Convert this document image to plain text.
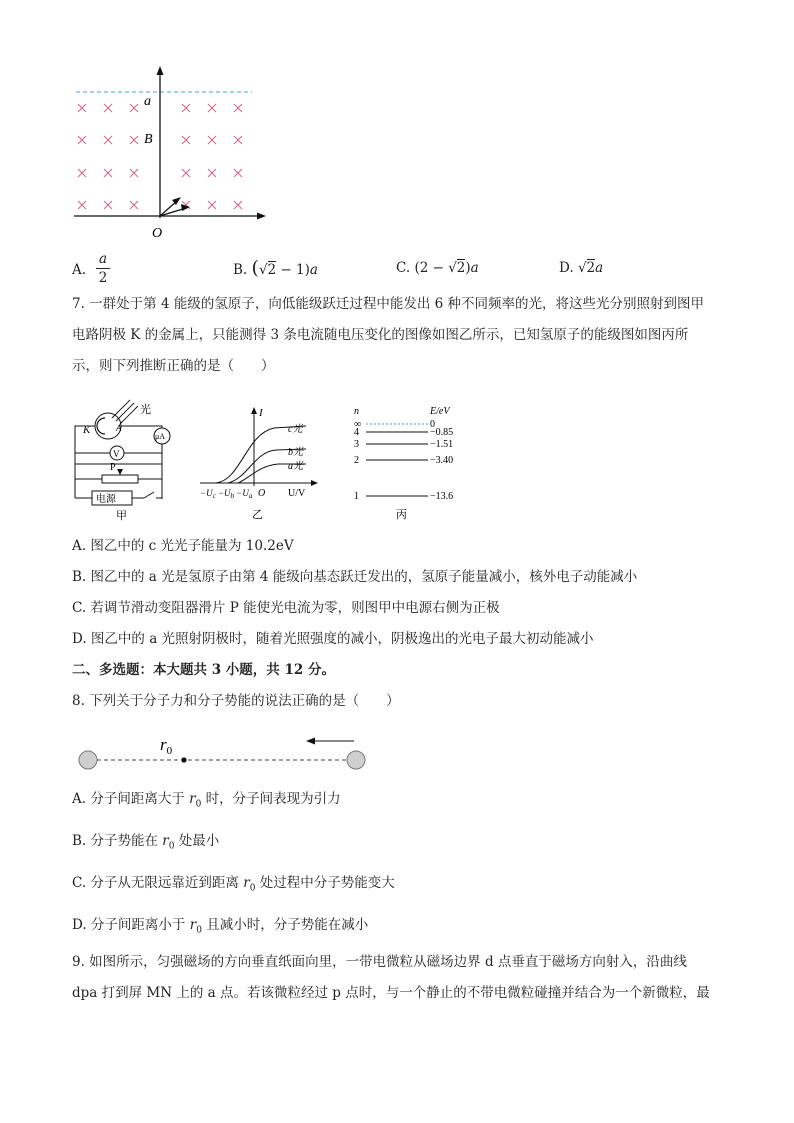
a
B
O
A.
a
2	B. (√2 − 1)a	C. (2 − √2)a	D. √2a
7. 一群处于第 4 能级的氢原子，向低能级跃迁过程中能发出 6 种不同频率的光，将这些光分别照射到图甲
电路阴极 K 的金属上，只能测得 3 条电流随电压变化的图像如图乙所示，已知氢原子的能级图如图丙所
示，则下列推断正确的是（　　）
光
K	A
μA
V
P
电源
甲
I
c光
b光
a光
$-U_c -U_b -U_a$ O U/V
乙
n	E/eV
∞	0
4	−0.85
3	−1.51
2	−3.40
1	−13.6
丙
A. 图乙中的 c 光光子能量为 10.2eV
B. 图乙中的 a 光是氢原子由第 4 能级向基态跃迁发出的，氢原子能量减小，核外电子动能减小
C. 若调节滑动变阻器滑片 P 能使光电流为零，则图甲中电源右侧为正极
D. 图乙中的 a 光照射阴极时，随着光照强度的减小，阴极逸出的光电子最大初动能减小
二、多选题：本大题共 3 小题，共 12 分。
8. 下列关于分子力和分子势能的说法正确的是（　　）
$r_0$
A. 分子间距离大于 $r_0$ 时，分子间表现为引力
B. 分子势能在 $r_0$ 处最小
C. 分子从无限远靠近到距离 $r_0$ 处过程中分子势能变大
D. 分子间距离小于 $r_0$ 且减小时，分子势能在减小
9. 如图所示，匀强磁场的方向垂直纸面向里，一带电微粒从磁场边界 d 点垂直于磁场方向射入，沿曲线
dpa 打到屏 MN 上的 a 点。若该微粒经过 p 点时，与一个静止的不带电微粒碰撞并结合为一个新微粒，最
